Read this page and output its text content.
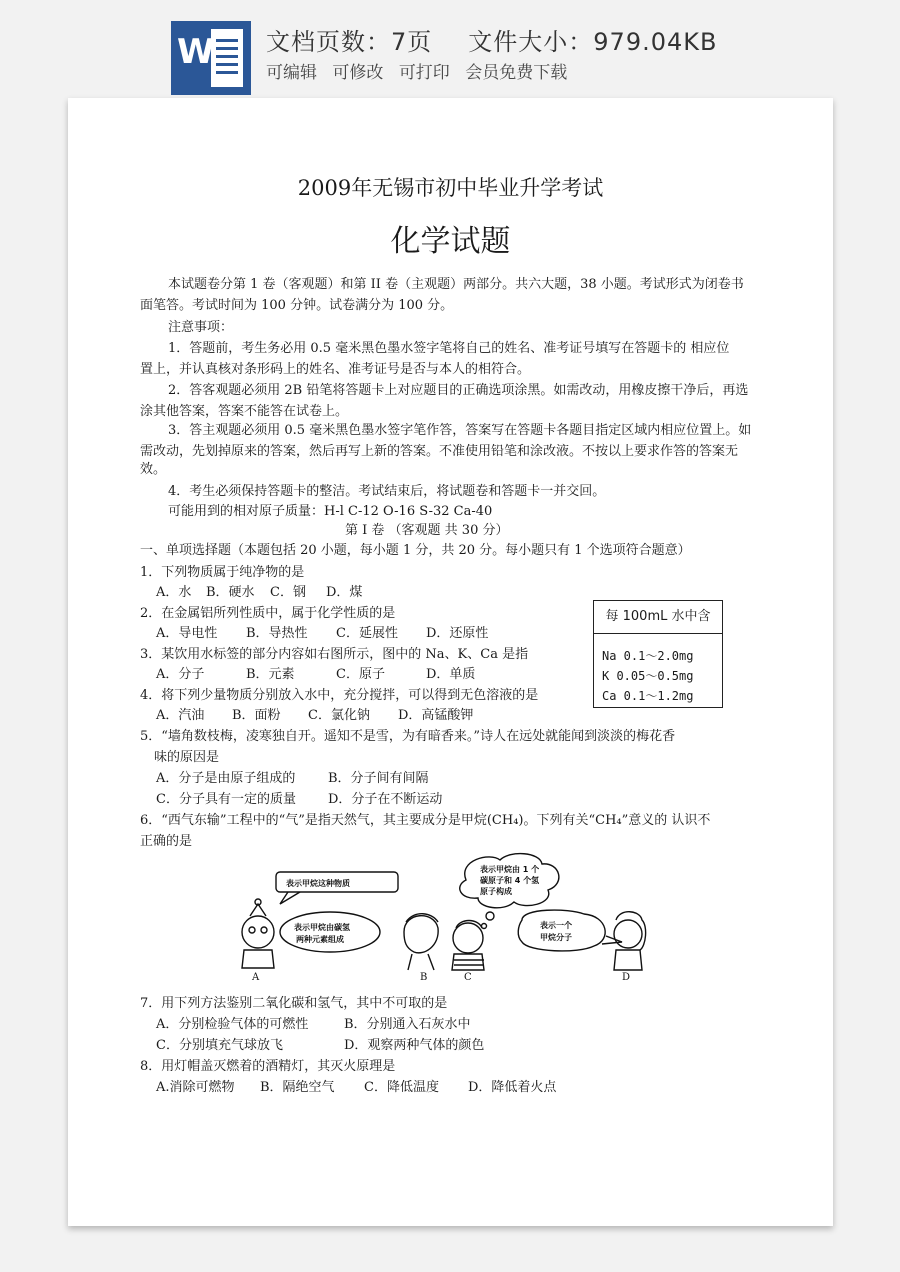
W 文档页数：7页 文件大小：979.04KB
可编辑 可修改 可打印 会员免费下载
2009年无锡市初中毕业升学考试
化学试题
本试题卷分第 1 卷（客观题）和第 II 卷（主观题）两部分。共六大题，38 小题。考试形式为闭卷书
面笔答。考试时间为 100 分钟。试卷满分为 100 分。
注意事项：
1．答题前，考生务必用 0.5 毫米黑色墨水签字笔将自己的姓名、准考证号填写在答题卡的 相应位
置上，并认真核对条形码上的姓名、准考证号是否与本人的相符合。
2．答客观题必须用 2B 铅笔将答题卡上对应题目的正确选项涂黑。如需改动，用橡皮擦干净后，再选
涂其他答案，答案不能答在试卷上。
3．答主观题必须用 0.5 毫米黑色墨水签字笔作答，答案写在答题卡各题目指定区域内相应位置上。如
需改动，先划掉原来的答案，然后再写上新的答案。不准使用铅笔和涂改液。不按以上要求作答的答案无
效。
4．考生必须保持答题卡的整洁。考试结束后，将试题卷和答题卡一并交回。
可能用到的相对原子质量：H-l C-12 O-16 S-32 Ca-40
第 I 卷 （客观题 共 30 分）
一、单项选择题（本题包括 20 小题，每小题 1 分，共 20 分。每小题只有 1 个选项符合题意）
1．下列物质属于纯净物的是
A．水 B．硬水 C．钢 D．煤
2．在金属铝所列性质中，属于化学性质的是
A．导电性 B．导热性 C．延展性 D．还原性
3．某饮用水标签的部分内容如右图所示，图中的 Na、K、Ca 是指
A．分子	B．元素	C．原子	D．单质
4．将下列少量物质分别放入水中，充分搅拌，可以得到无色溶液的是
A．汽油 B．面粉 C．氯化钠 D．高锰酸钾
5．“墙角数枝梅，凌寒独自开。遥知不是雪，为有暗香来。”诗人在远处就能闻到淡淡的梅花香
味的原因是
A．分子是由原子组成的	B．分子间有间隔
C．分子具有一定的质量 D．分子在不断运动
6．“西气东输”工程中的“气”是指天然气，其主要成分是甲烷(CH₄)。下列有关“CH₄”意义的 认识不
正确的是
表示甲烷这种物质
表示甲烷由碳氢
两种元素组成
表示甲烷由 1 个
碳原子和 4 个氢
原子构成
表示一个
甲烷分子
A	B	C	D
7．用下列方法鉴别二氧化碳和氢气，其中不可取的是
A．分别检验气体的可燃性	B．分别通入石灰水中
C．分别填充气球放飞	D．观察两种气体的颜色
8．用灯帽盖灭燃着的酒精灯，其灭火原理是
A.消除可燃物 B．隔绝空气 C．降低温度 D．降低着火点
每 100mL 水中含
Na 0.1～2.0mg
K 0.05～0.5mg
Ca 0.1～1.2mg
